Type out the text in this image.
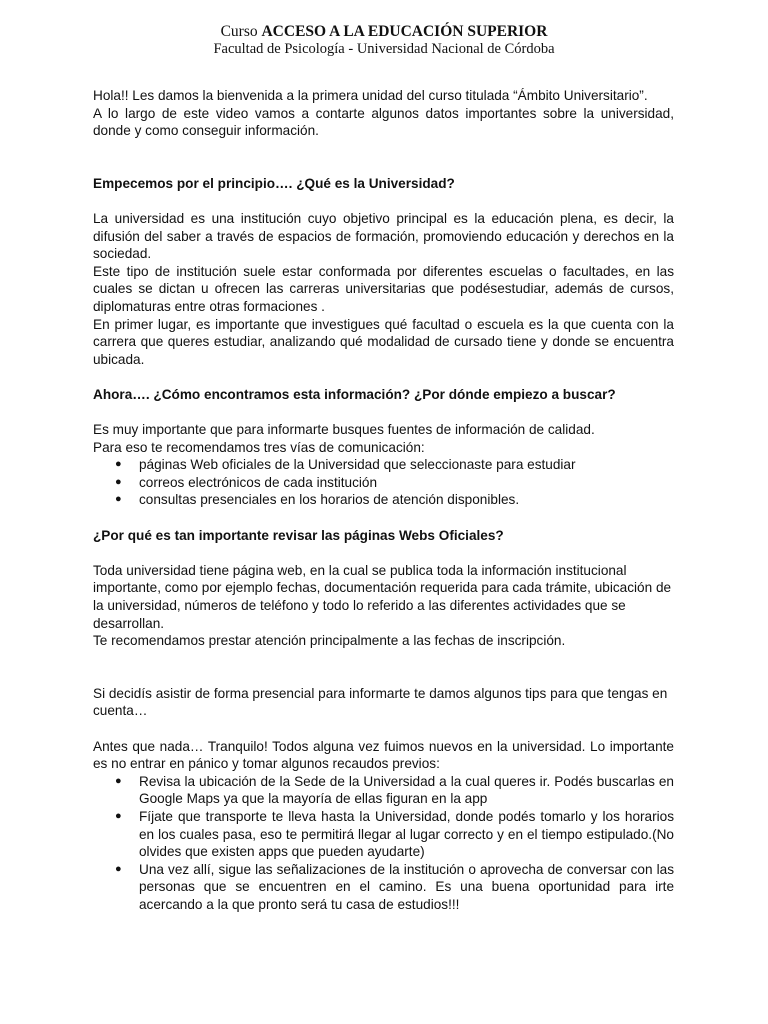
Curso ACCESO A LA EDUCACIÓN SUPERIOR
Facultad de Psicología - Universidad Nacional de Córdoba

Hola!! Les damos la bienvenida a la primera unidad del curso titulada “Ámbito Universitario”.

A lo largo de este video vamos a contarte algunos datos importantes sobre la universidad, donde y como conseguir información.

Empecemos por el principio…. ¿Qué es la Universidad?

La universidad es una institución cuyo objetivo principal es la educación plena, es decir, la difusión del saber a través de espacios de formación, promoviendo educación y derechos en la sociedad.

Este tipo de institución suele estar conformada por diferentes escuelas o facultades, en las cuales se dictan u ofrecen las carreras universitarias que podésestudiar, además de cursos, diplomaturas entre otras formaciones .

En primer lugar, es importante que investigues qué facultad o escuela es la que cuenta con la carrera que queres estudiar, analizando qué modalidad de cursado tiene y donde se encuentra ubicada.

Ahora…. ¿Cómo encontramos esta información? ¿Por dónde empiezo a buscar?

Es muy importante que para informarte busques fuentes de información de calidad.

Para eso te recomendamos tres vías de comunicación:

● páginas Web oficiales de la Universidad que seleccionaste para estudiar
● correos electrónicos de cada institución
● consultas presenciales en los horarios de atención disponibles.

¿Por qué es tan importante revisar las páginas Webs Oficiales?

Toda universidad tiene página web, en la cual se publica toda la información institucional importante, como por ejemplo fechas, documentación requerida para cada trámite, ubicación de la universidad, números de teléfono y todo lo referido a las diferentes actividades que se desarrollan.

Te recomendamos prestar atención principalmente a las fechas de inscripción.

Si decidís asistir de forma presencial para informarte te damos algunos tips para que tengas en cuenta…

Antes que nada… Tranquilo! Todos alguna vez fuimos nuevos en la universidad. Lo importante es no entrar en pánico y tomar algunos recaudos previos:

● Revisa la ubicación de la Sede de la Universidad a la cual queres ir. Podés buscarlas en Google Maps ya que la mayoría de ellas figuran en la app
● Fíjate que transporte te lleva hasta la Universidad, donde podés tomarlo y los horarios en los cuales pasa, eso te permitirá llegar al lugar correcto y en el tiempo estipulado.(No olvides que existen apps que pueden ayudarte)
● Una vez allí, sigue las señalizaciones de la institución o aprovecha de conversar con las personas que se encuentren en el camino. Es una buena oportunidad para irte acercando a la que pronto será tu casa de estudios!!!
